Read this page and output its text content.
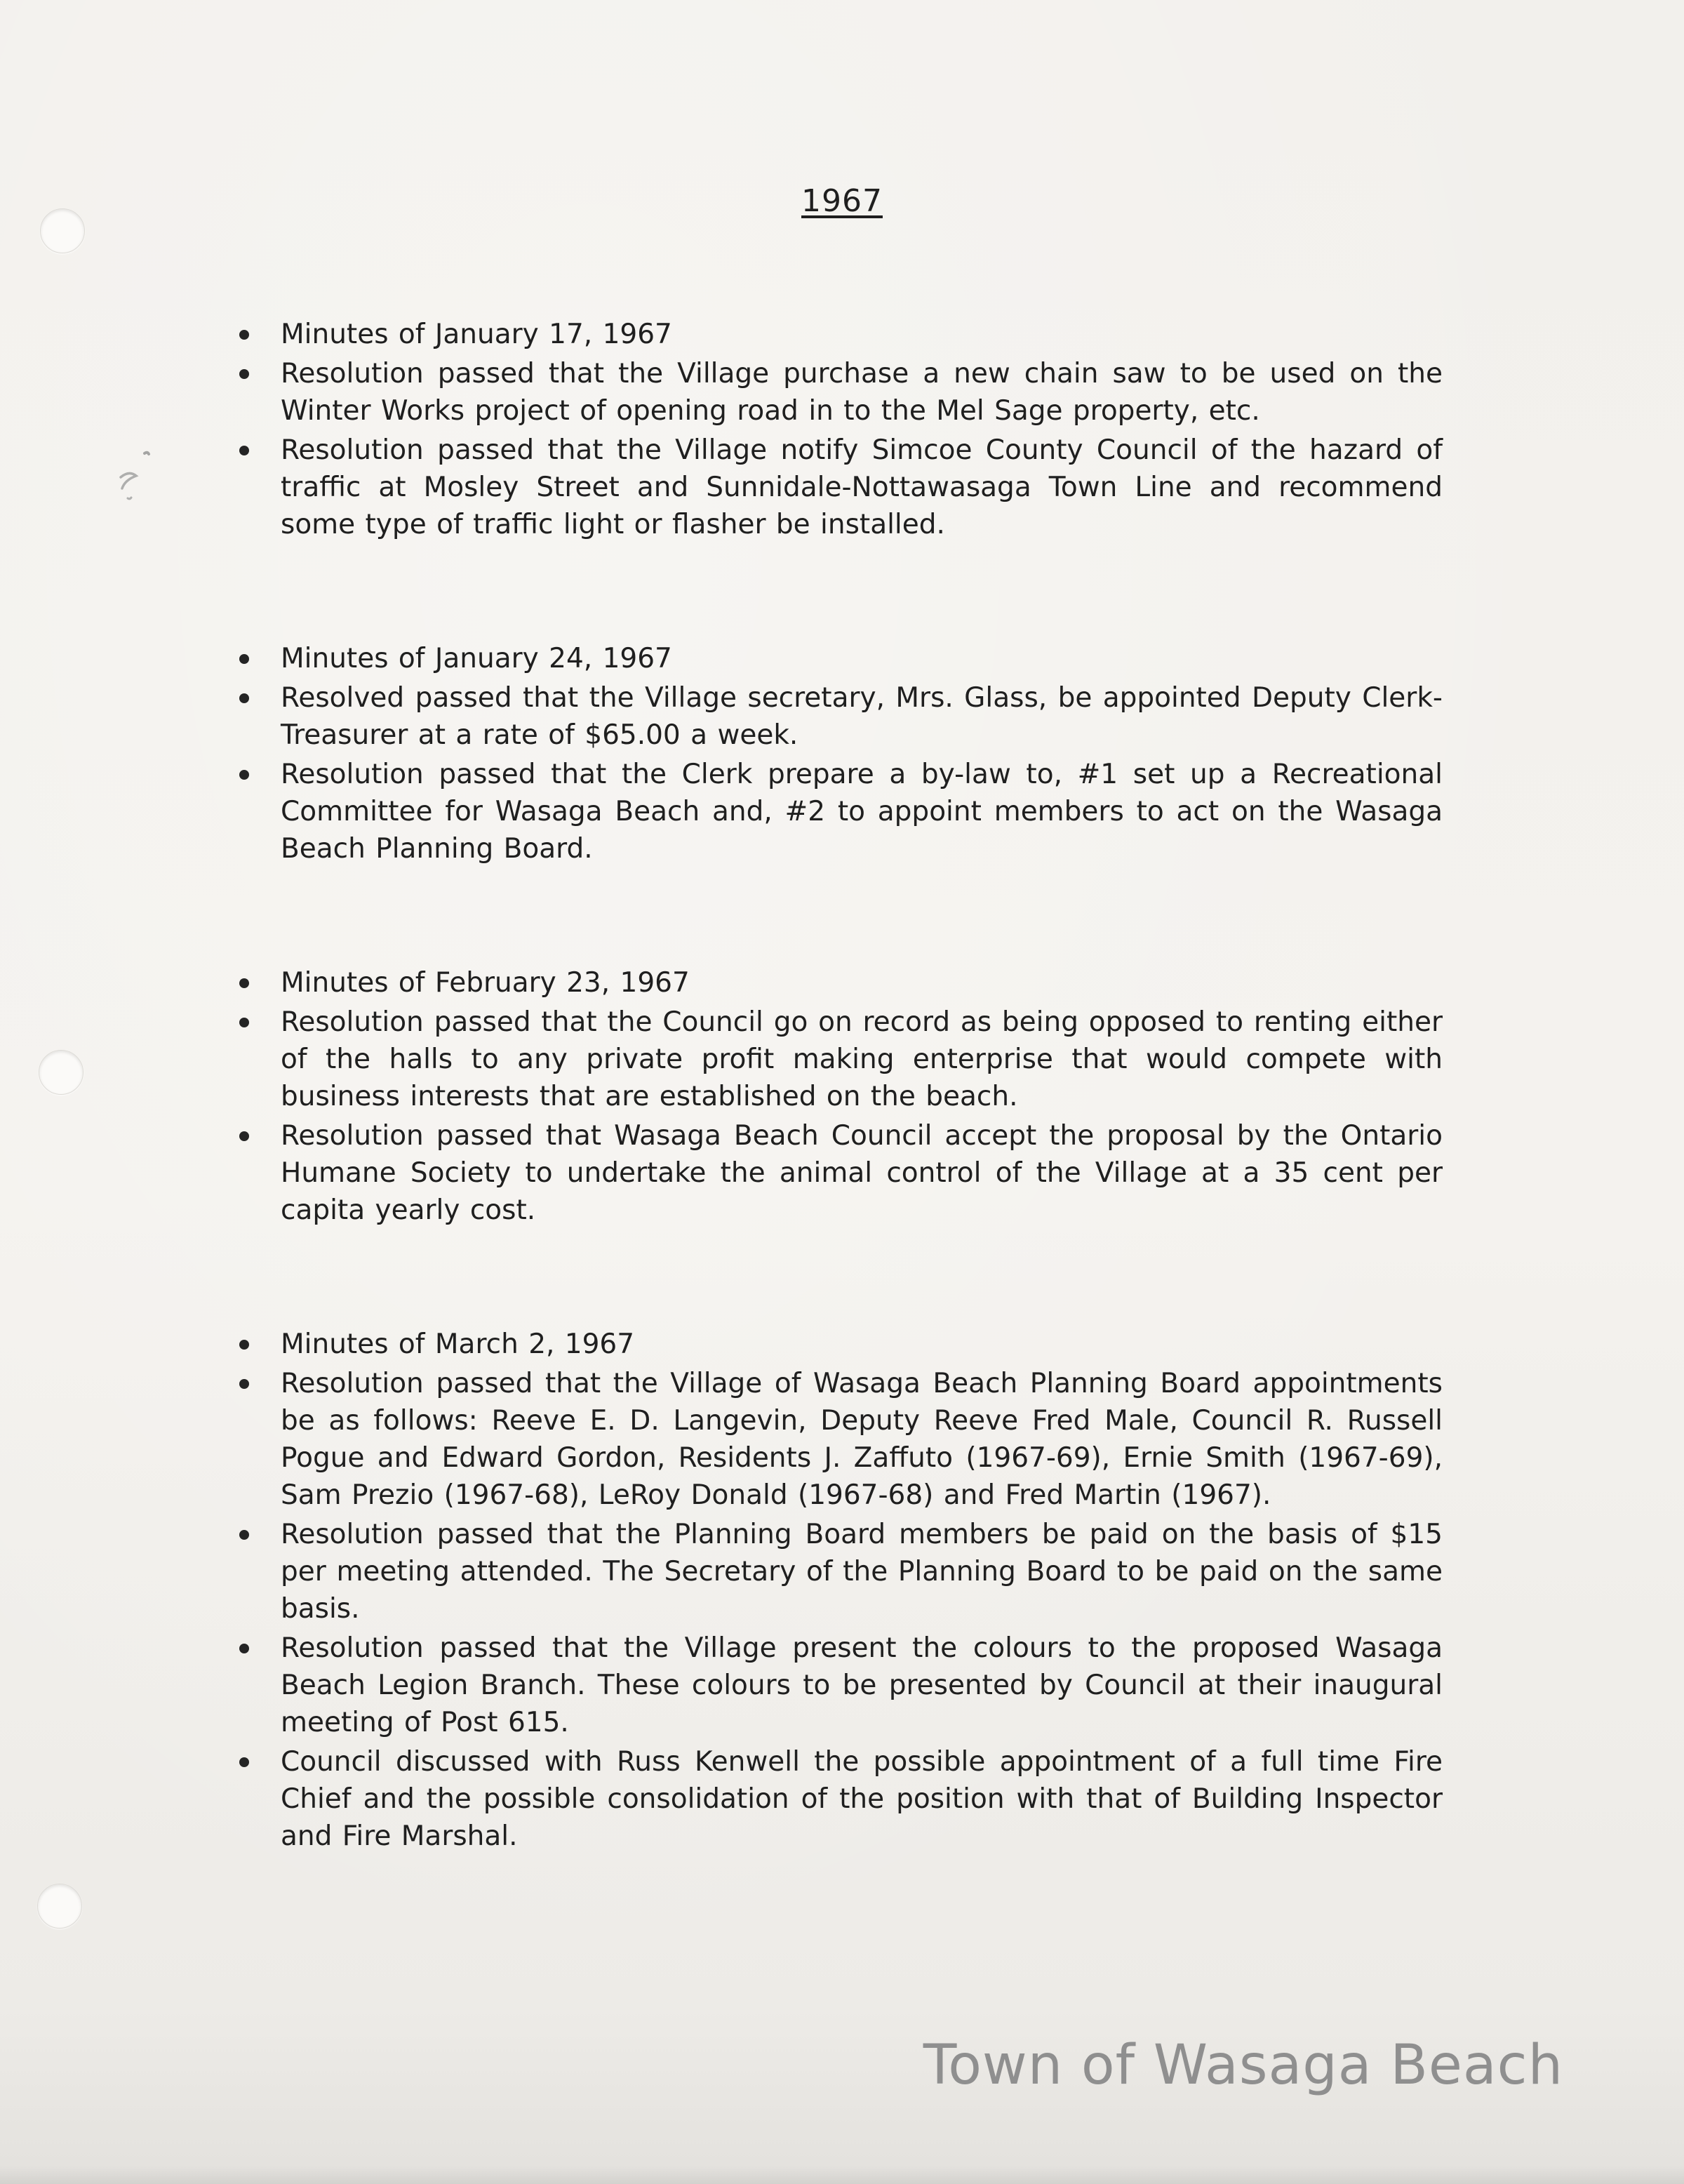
1967
Minutes of January 17, 1967
Resolution passed that the Village purchase a new chain saw to be used on the Winter Works project of opening road in to the Mel Sage property, etc.
Resolution passed that the Village notify Simcoe County Council of the hazard of traffic at Mosley Street and Sunnidale-Nottawasaga Town Line and recommend some type of traffic light or flasher be installed.
Minutes of January 24, 1967
Resolved passed that the Village secretary, Mrs. Glass, be appointed Deputy Clerk-Treasurer at a rate of $65.00 a week.
Resolution passed that the Clerk prepare a by-law to, #1 set up a Recreational Committee for Wasaga Beach and, #2 to appoint members to act on the Wasaga Beach Planning Board.
Minutes of February 23, 1967
Resolution passed that the Council go on record as being opposed to renting either of the halls to any private profit making enterprise that would compete with business interests that are established on the beach.
Resolution passed that Wasaga Beach Council accept the proposal by the Ontario Humane Society to undertake the animal control of the Village at a 35 cent per capita yearly cost.
Minutes of March 2, 1967
Resolution passed that the Village of Wasaga Beach Planning Board appointments be as follows: Reeve E. D. Langevin, Deputy Reeve Fred Male, Council R. Russell Pogue and Edward Gordon, Residents J. Zaffuto (1967-69), Ernie Smith (1967-69), Sam Prezio (1967-68), LeRoy Donald (1967-68) and Fred Martin (1967).
Resolution passed that the Planning Board members be paid on the basis of $15 per meeting attended. The Secretary of the Planning Board to be paid on the same basis.
Resolution passed that the Village present the colours to the proposed Wasaga Beach Legion Branch. These colours to be presented by Council at their inaugural meeting of Post 615.
Council discussed with Russ Kenwell the possible appointment of a full time Fire Chief and the possible consolidation of the position with that of Building Inspector and Fire Marshal.
Town of Wasaga Beach
